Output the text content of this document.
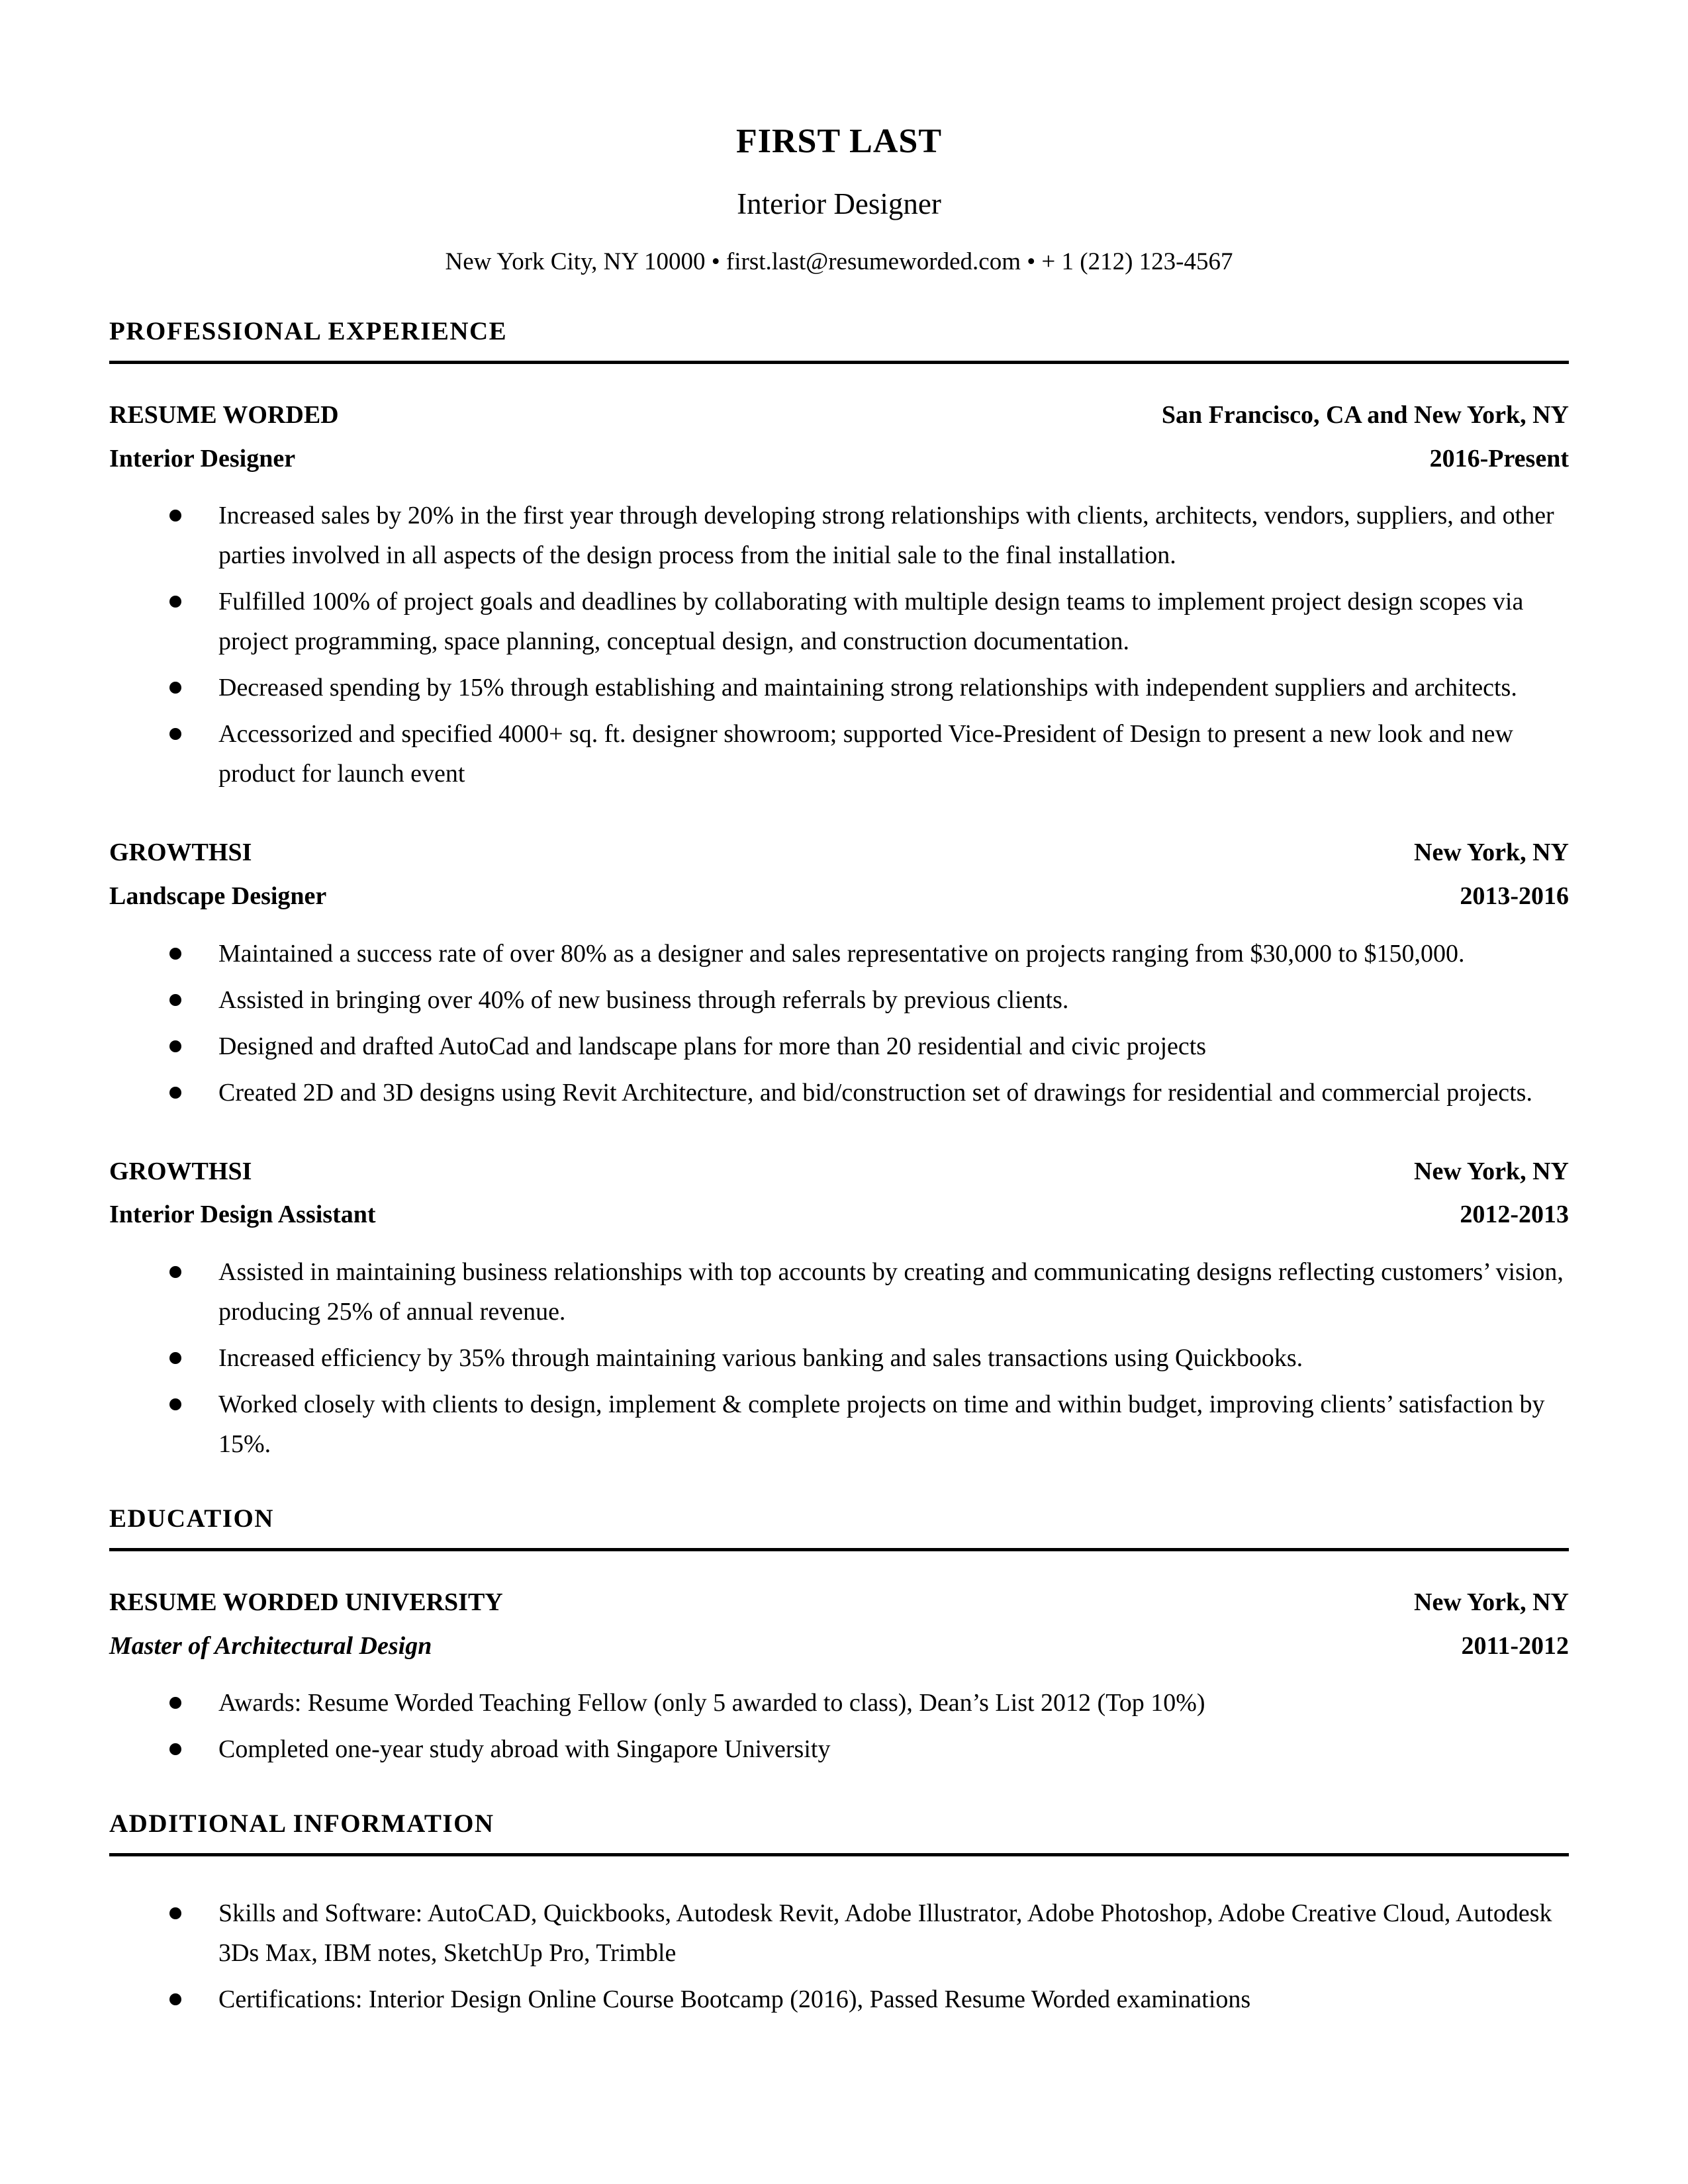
FIRST LAST
Interior Designer
New York City, NY 10000 • first.last@resumeworded.com • + 1 (212) 123-4567
PROFESSIONAL EXPERIENCE
RESUME WORDED	San Francisco, CA and New York, NY
Interior Designer	2016-Present
Increased sales by 20% in the first year through developing strong relationships with clients, architects, vendors, suppliers, and other parties involved in all aspects of the design process from the initial sale to the final installation.
Fulfilled 100% of project goals and deadlines by collaborating with multiple design teams to implement project design scopes via project programming, space planning, conceptual design, and construction documentation.
Decreased spending by 15% through establishing and maintaining strong relationships with independent suppliers and architects.
Accessorized and specified 4000+ sq. ft. designer showroom; supported Vice-President of Design to present a new look and new product for launch event
GROWTHSI	New York, NY
Landscape Designer	2013-2016
Maintained a success rate of over 80% as a designer and sales representative on projects ranging from $30,000 to $150,000.
Assisted in bringing over 40% of new business through referrals by previous clients.
Designed and drafted AutoCad and landscape plans for more than 20 residential and civic projects
Created 2D and 3D designs using Revit Architecture, and bid/construction set of drawings for residential and commercial projects.
GROWTHSI	New York, NY
Interior Design Assistant	2012-2013
Assisted in maintaining business relationships with top accounts by creating and communicating designs reflecting customers’ vision, producing 25% of annual revenue.
Increased efficiency by 35% through maintaining various banking and sales transactions using Quickbooks.
Worked closely with clients to design, implement & complete projects on time and within budget, improving clients’ satisfaction by 15%.
EDUCATION
RESUME WORDED UNIVERSITY	New York, NY
Master of Architectural Design	2011-2012
Awards: Resume Worded Teaching Fellow (only 5 awarded to class), Dean’s List 2012 (Top 10%)
Completed one-year study abroad with Singapore University
ADDITIONAL INFORMATION
Skills and Software: AutoCAD, Quickbooks, Autodesk Revit, Adobe Illustrator, Adobe Photoshop, Adobe Creative Cloud, Autodesk 3Ds Max, IBM notes, SketchUp Pro, Trimble
Certifications: Interior Design Online Course Bootcamp (2016), Passed Resume Worded examinations
